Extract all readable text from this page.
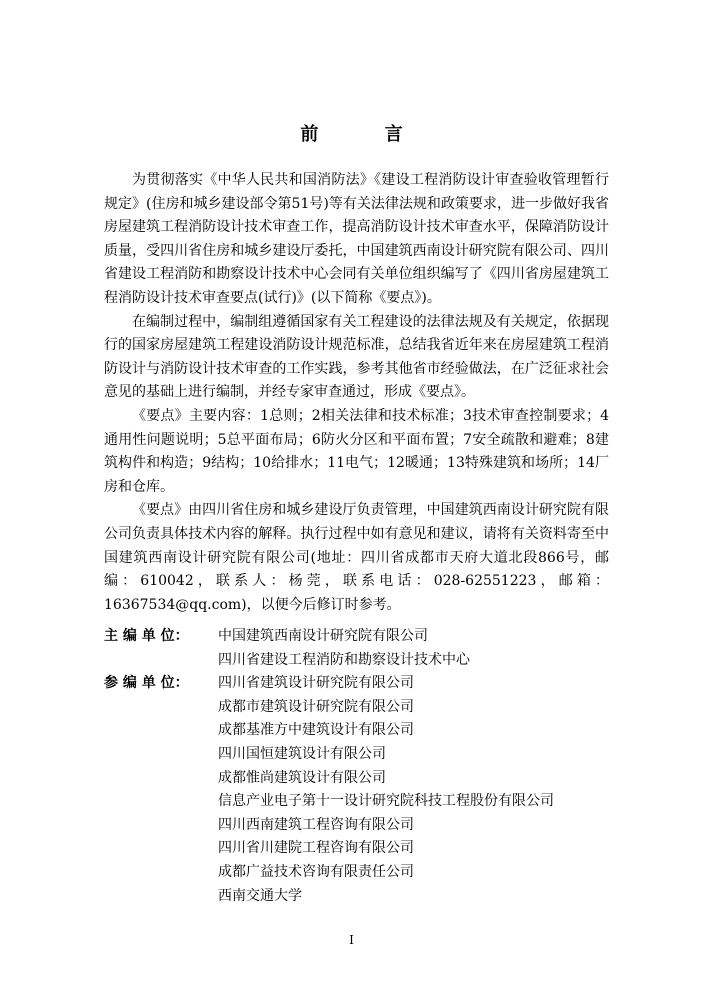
前 言

为贯彻落实《中华人民共和国消防法》《建设工程消防设计审查验收管理暂行规定》(住房和城乡建设部令第51号)等有关法律法规和政策要求，进一步做好我省房屋建筑工程消防设计技术审查工作，提高消防设计技术审查水平，保障消防设计质量，受四川省住房和城乡建设厅委托，中国建筑西南设计研究院有限公司、四川省建设工程消防和勘察设计技术中心会同有关单位组织编写了《四川省房屋建筑工程消防设计技术审查要点(试行)》(以下简称《要点》)。

在编制过程中，编制组遵循国家有关工程建设的法律法规及有关规定，依据现行的国家房屋建筑工程建设消防设计规范标准，总结我省近年来在房屋建筑工程消防设计与消防设计技术审查的工作实践，参考其他省市经验做法，在广泛征求社会意见的基础上进行编制，并经专家审查通过，形成《要点》。

《要点》主要内容：1总则；2相关法律和技术标准；3技术审查控制要求；4通用性问题说明；5总平面布局；6防火分区和平面布置；7安全疏散和避难；8建筑构件和构造；9结构；10给排水；11电气；12暖通；13特殊建筑和场所；14厂房和仓库。

《要点》由四川省住房和城乡建设厅负责管理，中国建筑西南设计研究院有限公司负责具体技术内容的解释。执行过程中如有意见和建议，请将有关资料寄至中国建筑西南设计研究院有限公司(地址：四川省成都市天府大道北段866号，邮编：610042，联系人：杨莞，联系电话：028-62551223，邮箱：16367534@qq.com)，以便今后修订时参考。

主 编 单 位：	中国建筑西南设计研究院有限公司
四川省建设工程消防和勘察设计技术中心
参 编 单 位：	四川省建筑设计研究院有限公司
成都市建筑设计研究院有限公司
成都基准方中建筑设计有限公司
四川国恒建筑设计有限公司
成都惟尚建筑设计有限公司
信息产业电子第十一设计研究院科技工程股份有限公司
四川西南建筑工程咨询有限公司
四川省川建院工程咨询有限公司
成都广益技术咨询有限责任公司
西南交通大学
I
